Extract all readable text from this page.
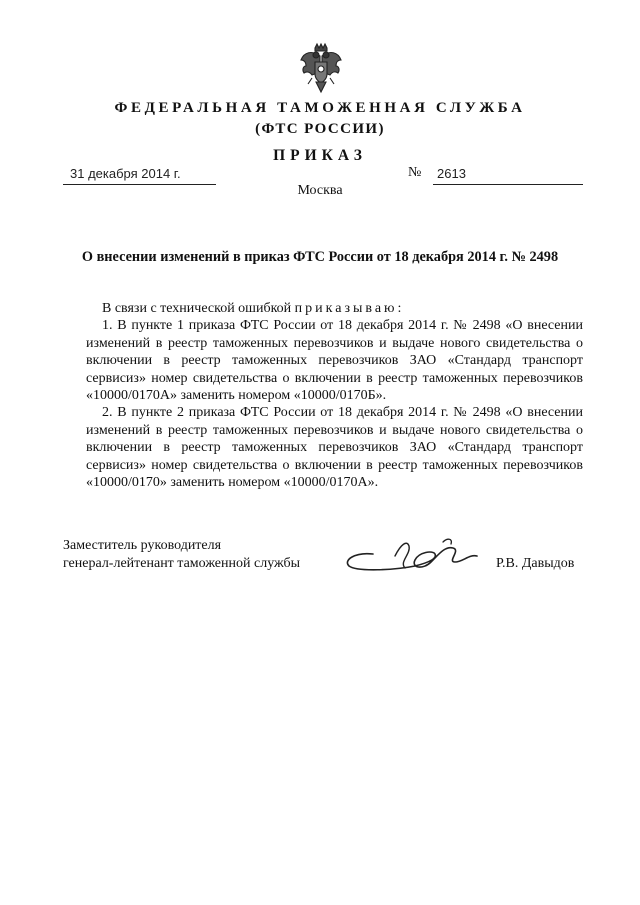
ФЕДЕРАЛЬНАЯ ТАМОЖЕННАЯ СЛУЖБА
(ФТС РОССИИ)
ПРИКАЗ
31 декабря 2014 г.	№ 2613
Москва
О внесении изменений в приказ ФТС России от 18 декабря 2014 г. № 2498

В связи с технической ошибкой приказываю:

1. В пункте 1 приказа ФТС России от 18 декабря 2014 г. № 2498 «О внесении изменений в реестр таможенных перевозчиков и выдаче нового свидетельства о включении в реестр таможенных перевозчиков ЗАО «Стандард транспорт сервисиз» номер свидетельства о включении в реестр таможенных перевозчиков «10000/0170А» заменить номером «10000/0170Б».

2. В пункте 2 приказа ФТС России от 18 декабря 2014 г. № 2498 «О внесении изменений в реестр таможенных перевозчиков и выдаче нового свидетельства о включении в реестр таможенных перевозчиков ЗАО «Стандард транспорт сервисиз» номер свидетельства о включении в реестр таможенных перевозчиков «10000/0170» заменить номером «10000/0170А».

Заместитель руководителя
генерал-лейтенант таможенной службы	Р.В. Давыдов
